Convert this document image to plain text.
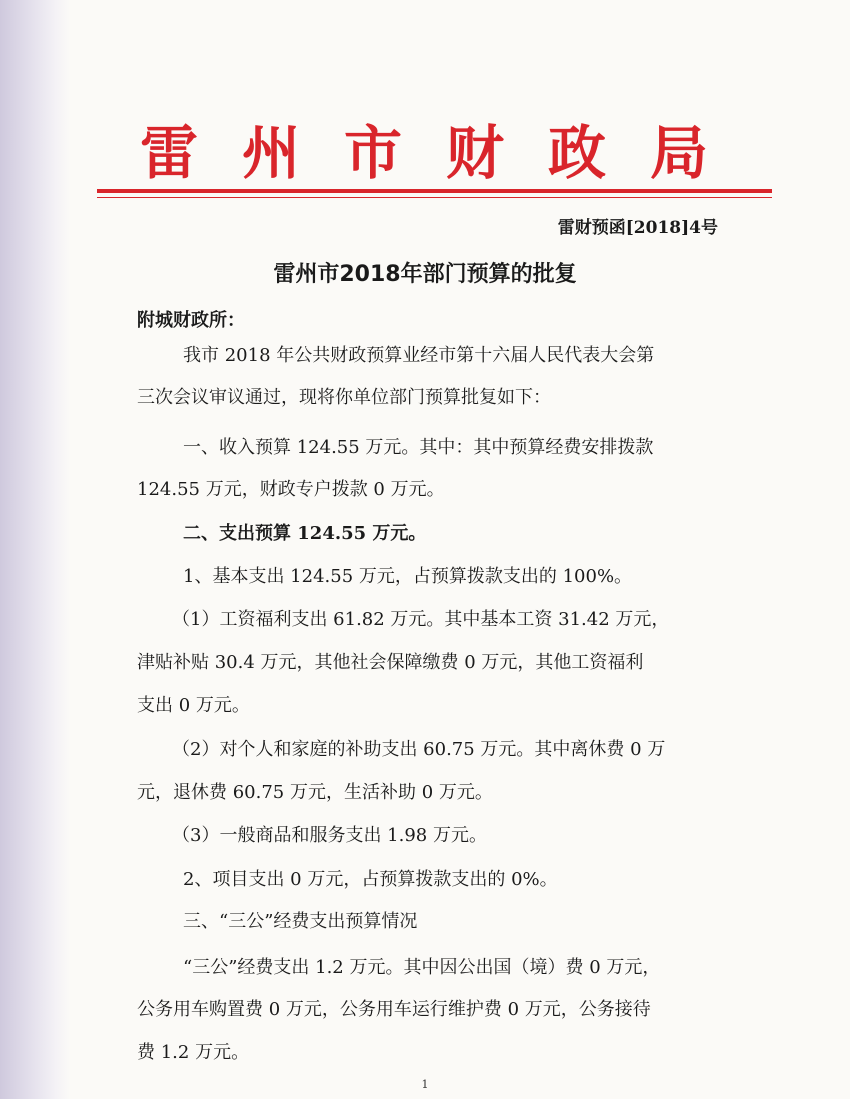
雷州市财政局
雷财预函[2018]4号
雷州市2018年部门预算的批复
附城财政所：
我市 2018 年公共财政预算业经市第十六届人民代表大会第
三次会议审议通过，现将你单位部门预算批复如下：
一、收入预算 124.55 万元。其中：其中预算经费安排拨款
124.55 万元，财政专户拨款 0 万元。
二、支出预算 124.55 万元。
1、基本支出 124.55 万元，占预算拨款支出的 100%。
（1）工资福利支出 61.82 万元。其中基本工资 31.42 万元，
津贴补贴 30.4 万元，其他社会保障缴费 0 万元，其他工资福利
支出 0 万元。
（2）对个人和家庭的补助支出 60.75 万元。其中离休费 0 万
元，退休费 60.75 万元，生活补助 0 万元。
（3）一般商品和服务支出 1.98 万元。
2、项目支出 0 万元，占预算拨款支出的 0%。
三、“三公”经费支出预算情况
“三公”经费支出 1.2 万元。其中因公出国（境）费 0 万元，
公务用车购置费 0 万元，公务用车运行维护费 0 万元，公务接待
费 1.2 万元。
1
